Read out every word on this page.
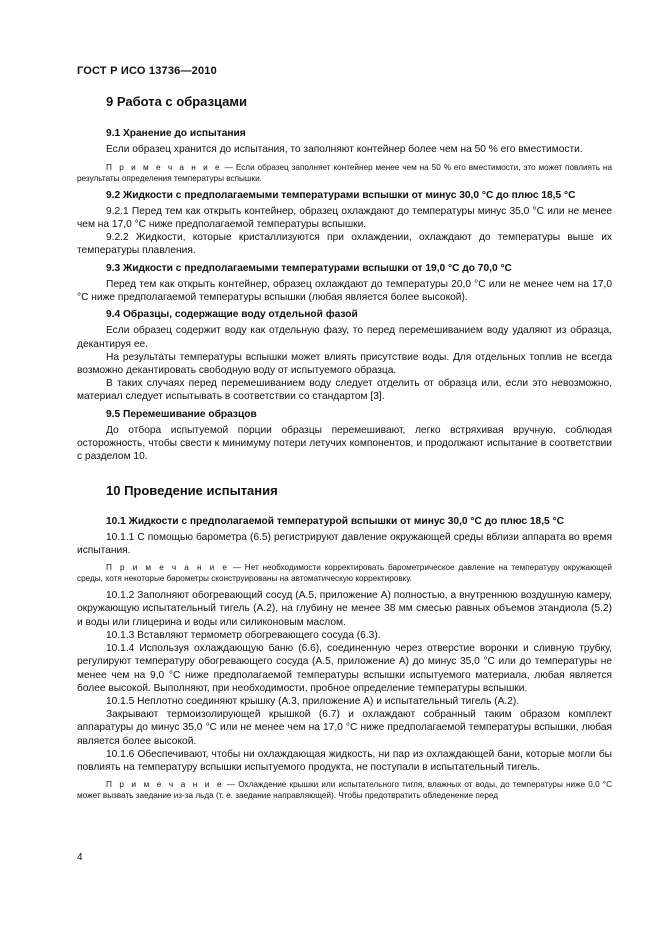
ГОСТ Р ИСО 13736—2010
9 Работа с образцами
9.1 Хранение до испытания

Если образец хранится до испытания, то заполняют контейнер более чем на 50 % его вместимости.

П р и м е ч а н и е — Если образец заполняет контейнер менее чем на 50 % его вместимости, это может повлиять на результаты определения температуры вспышки.
9.2 Жидкости с предполагаемыми температурами вспышки от минус 30,0 °С до плюс 18,5 °С

9.2.1 Перед тем как открыть контейнер, образец охлаждают до температуры минус 35,0 °С или не менее чем на 17,0 °С ниже предполагаемой температуры вспышки.

9.2.2 Жидкости, которые кристаллизуются при охлаждении, охлаждают до температуры выше их температуры плавления.

9.3 Жидкости с предполагаемыми температурами вспышки от 19,0 °С до 70,0 °С

Перед тем как открыть контейнер, образец охлаждают до температуры 20,0 °С или не менее чем на 17,0 °С ниже предполагаемой температуры вспышки (любая является более высокой).

9.4 Образцы, содержащие воду отдельной фазой

Если образец содержит воду как отдельную фазу, то перед перемешиванием воду удаляют из образца, декантируя ее.

На результаты температуры вспышки может влиять присутствие воды. Для отдельных топлив не всегда возможно декантировать свободную воду от испытуемого образца.

В таких случаях перед перемешиванием воду следует отделить от образца или, если это невозможно, материал следует испытывать в соответствии со стандартом [3].

9.5 Перемешивание образцов

До отбора испытуемой порции образцы перемешивают, легко встряхивая вручную, соблюдая осторожность, чтобы свести к минимуму потери летучих компонентов, и продолжают испытание в соответствии с разделом 10.

10 Проведение испытания
10.1 Жидкости с предполагаемой температурой вспышки от минус 30,0 °С до плюс 18,5 °С

10.1.1 С помощью барометра (6.5) регистрируют давление окружающей среды вблизи аппарата во время испытания.

П р и м е ч а н и е — Нет необходимости корректировать барометрическое давление на температуру окружающей среды, хотя некоторые барометры сконструированы на автоматическую корректировку.

10.1.2 Заполняют обогревающий сосуд (А.5, приложение А) полностью, а внутреннюю воздушную камеру, окружающую испытательный тигель (А.2), на глубину не менее 38 мм смесью равных объемов этандиола (5.2) и воды или глицерина и воды или силиконовым маслом.

10.1.3 Вставляют термометр обогревающего сосуда (6.3).

10.1.4 Используя охлаждающую баню (6.6), соединенную через отверстие воронки и сливную трубку, регулируют температуру обогревающего сосуда (А.5, приложение А) до минус 35,0 °С или до температуры не менее чем на 9,0 °С ниже предполагаемой температуры вспышки испытуемого материала, любая является более высокой. Выполняют, при необходимости, пробное определение температуры вспышки.

10.1.5 Неплотно соединяют крышку (А.3, приложение А) и испытательный тигель (А.2).

Закрывают термоизолирующей крышкой (6.7) и охлаждают собранный таким образом комплект аппаратуры до минус 35,0 °С или не менее чем на 17,0 °С ниже предполагаемой температуры вспышки, любая является более высокой.

10.1.6 Обеспечивают, чтобы ни охлаждающая жидкость, ни пар из охлаждающей бани, которые могли бы повлиять на температуру вспышки испытуемого продукта, не поступали в испытательный тигель.

П р и м е ч а н и е — Охлаждение крышки или испытательного тигля, влажных от воды, до температуры ниже 0,0 °С может вызвать заедание из-за льда (т. е. заедание направляющей). Чтобы предотвратить обледенение перед
4
